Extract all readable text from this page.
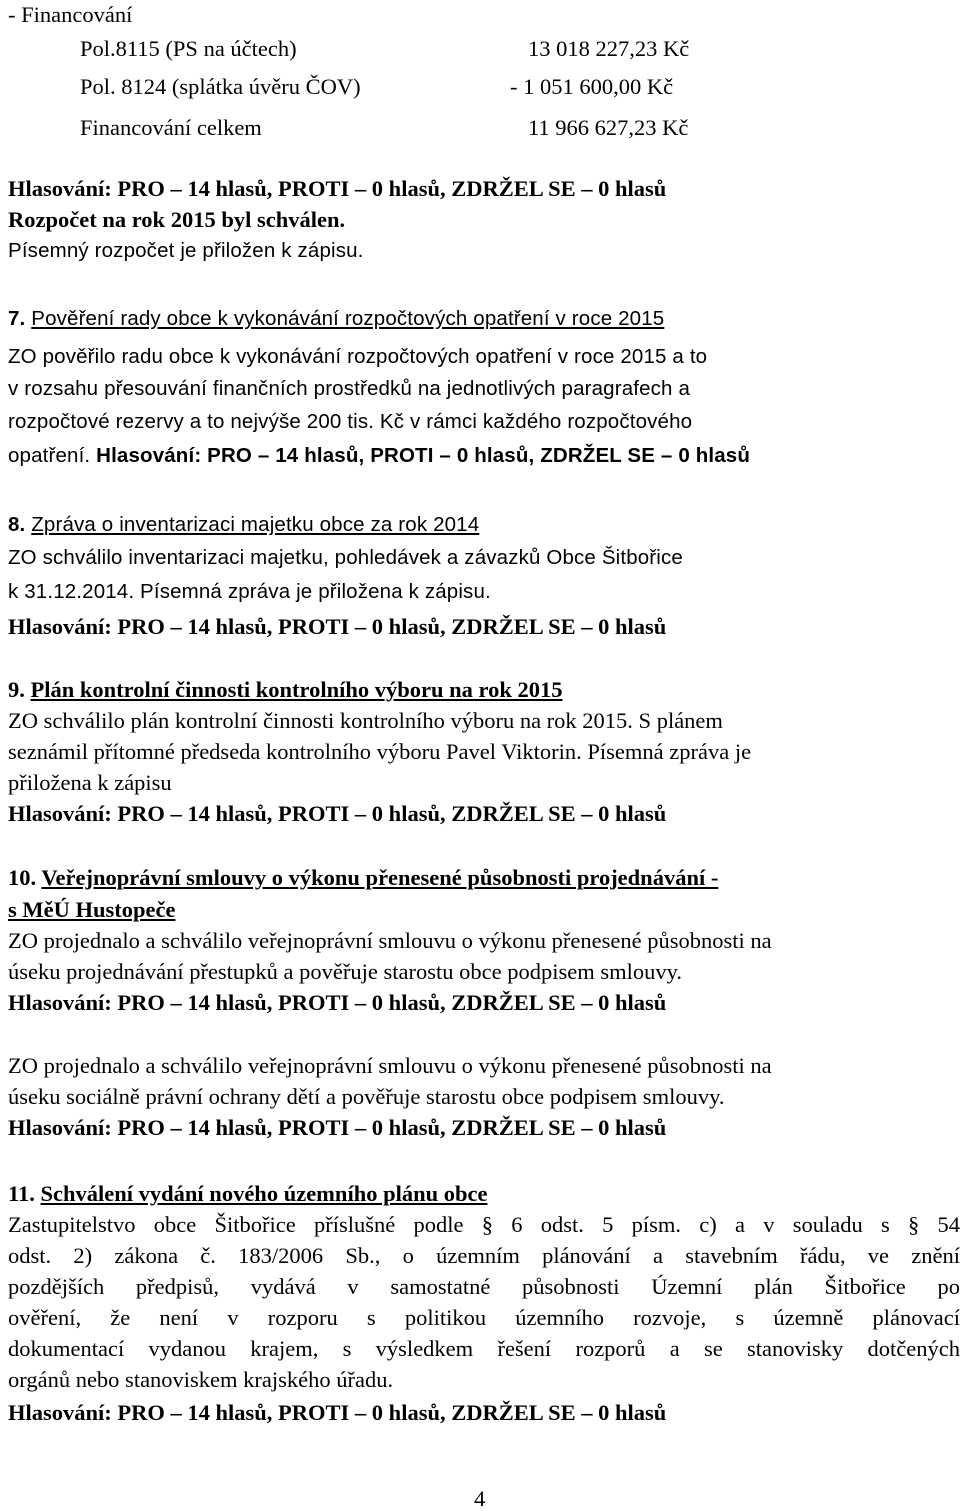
- Financování
Pol.8115 (PS na účtech)	13 018 227,23 Kč
Pol. 8124 (splátka úvěru ČOV)	- 1 051 600,00 Kč
Financování celkem	11 966 627,23 Kč
Hlasování: PRO – 14 hlasů, PROTI – 0 hlasů, ZDRŽEL SE – 0 hlasů
Rozpočet na rok 2015 byl schválen.
Písemný rozpočet je přiložen k zápisu.
7. Pověření rady obce k vykonávání rozpočtových opatření v roce 2015
ZO pověřilo radu obce k vykonávání rozpočtových opatření v roce 2015 a to
v rozsahu přesouvání finančních prostředků na jednotlivých paragrafech a
rozpočtové rezervy a to nejvýše 200 tis. Kč v rámci každého rozpočtového
opatření. Hlasování: PRO – 14 hlasů, PROTI – 0 hlasů, ZDRŽEL SE – 0 hlasů
8. Zpráva o inventarizaci majetku obce za rok 2014
ZO schválilo inventarizaci majetku, pohledávek a závazků Obce Šitbořice
k 31.12.2014. Písemná zpráva je přiložena k zápisu.
Hlasování: PRO – 14 hlasů, PROTI – 0 hlasů, ZDRŽEL SE – 0 hlasů
9. Plán kontrolní činnosti kontrolního výboru na rok 2015
ZO schválilo plán kontrolní činnosti kontrolního výboru na rok 2015. S plánem
seznámil přítomné předseda kontrolního výboru Pavel Viktorin. Písemná zpráva je
přiložena k zápisu
Hlasování: PRO – 14 hlasů, PROTI – 0 hlasů, ZDRŽEL SE – 0 hlasů
10. Veřejnoprávní smlouvy o výkonu přenesené působnosti projednávání -
s MěÚ Hustopeče
ZO projednalo a schválilo veřejnoprávní smlouvu o výkonu přenesené působnosti na
úseku projednávání přestupků a pověřuje starostu obce podpisem smlouvy.
Hlasování: PRO – 14 hlasů, PROTI – 0 hlasů, ZDRŽEL SE – 0 hlasů
ZO projednalo a schválilo veřejnoprávní smlouvu o výkonu přenesené působnosti na
úseku sociálně právní ochrany dětí a pověřuje starostu obce podpisem smlouvy.
Hlasování: PRO – 14 hlasů, PROTI – 0 hlasů, ZDRŽEL SE – 0 hlasů
11. Schválení vydání nového územního plánu obce
Zastupitelstvo obce Šitbořice příslušné podle § 6 odst. 5 písm. c) a v souladu s § 54
odst. 2) zákona č. 183/2006 Sb., o územním plánování a stavebním řádu, ve znění
pozdějších předpisů, vydává v samostatné působnosti Územní plán Šitbořice po
ověření, že není v rozporu s politikou územního rozvoje, s územně plánovací
dokumentací vydanou krajem, s výsledkem řešení rozporů a se stanovisky dotčených
orgánů nebo stanoviskem krajského úřadu.
Hlasování: PRO – 14 hlasů, PROTI – 0 hlasů, ZDRŽEL SE – 0 hlasů
4
